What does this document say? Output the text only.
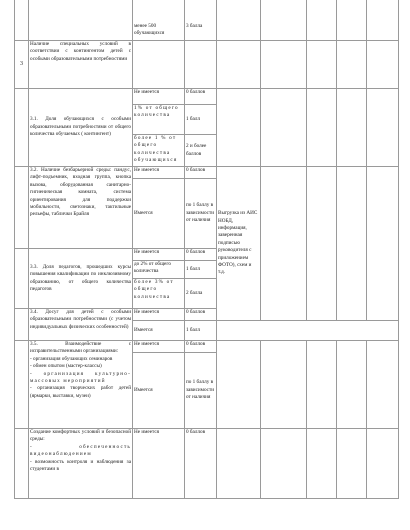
		менее 500 обучающихся	3 балла						
3	Наличие специальных условий в соответствии с контингентом детей с особыми образовательными потребностями								
	3.1. Доля обучающихся с особыми образовательными потребностями от общего количества обучаемых ( контингент)	Не имеется	0 баллов						
		1% от общего количества	1 балл						
		более 1 % от общего количества обучающихся	2 и более баллов						
	3.2. Наличие безбарьерной среды: пандус, лифт-подъемник, входная группа, кнопка вызова, оборудованная санитарно-гигиеническая комната, система ориентирования для поддержки мобильности, светознаки, тактильные рельефы, таблички Брайля	Не имеется	0 баллов	Выгрузка из АИС НОБД, информация, заверенная подписью руководителя с приложением ФОТО), схем и т.д.					
		Имеется	по 1 баллу в зависимости от наличия						
	3.3. Доля педагогов, прошедших курсы повышения квалификации по инклюзивному образованию, от общего количества педагогов	Не имеется	0 баллов						
		до 2% от общего количества	1 балл						
		более 3% от общего количества	2 балла						
	3.4. Досуг для детей с особыми образовательными потребностями (с учетом индивидуальных физических особенностей)	Не имеется	0 баллов						
		Имеется	1 балл						

	3.5. Взаимодействие с исправительственными организациями:
- организация обучающих семинаров
- обмен опытом (мастер-классы)
- организация культурно-массовых мероприятий
- организация творческих работ детей (ярмарки, выставки, музеи)	Не имеется	0 баллов						
		Имеется	по 1 баллу в зависимости от наличия						

	Создание комфортных условий и безопасной среды:
- обеспеченность видеонаблюдением
- возможность контроля и наблюдения за студентами в	Не имеется	0 баллов						
